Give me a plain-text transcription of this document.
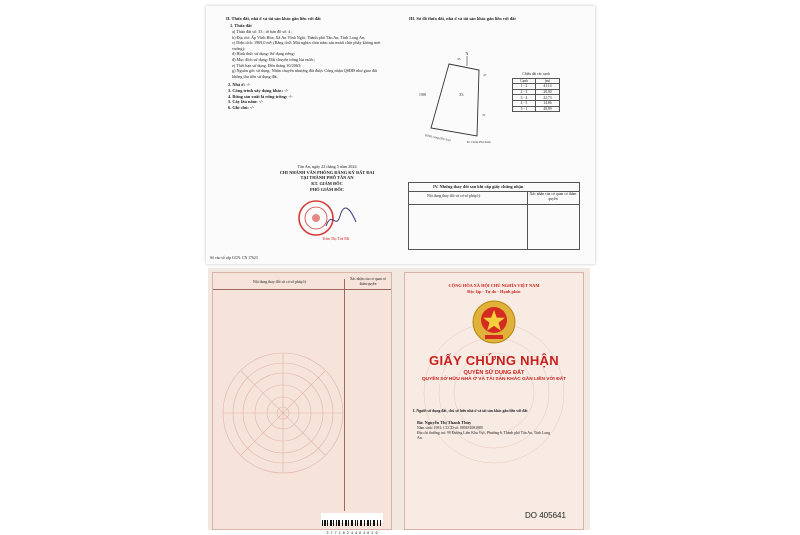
II. Thửa đất, nhà ở và tài sản khác gắn liền với đất
1. Thửa đất
a) Thửa đất số: 33 ; tờ bản đồ số: 4 ;
b) Địa chỉ: Ấp Vĩnh Hòa, Xã An Vĩnh Ngãi, Thành phố Tân An, Tỉnh Long An;
c) Diện tích: 1969,0 m²; (Bằng chữ: Một nghìn chín trăm sáu mươi chín phẩy không mét
vuông);
d) Hình thức sử dụng: Sử dụng riêng;
đ) Mục đích sử dụng: Đất chuyên trồng lúa nước;
e) Thời hạn sử dụng: Đến tháng 10/2063;
g) Nguồn gốc sử dụng: Nhận chuyển nhượng đất được Công nhận QSDĐ như giao đất
không thu tiền sử dụng đất.
2. Nhà ở: -/-
3. Công trình xây dựng khác: -/-
4. Rừng sản xuất là rừng trồng: -/-
5. Cây lâu năm: -/-
6. Ghi chú: -/-
III. Sơ đồ thửa đất, nhà ở và tài sản khác gắn liền với đất
N
33
1969
45
47
32
Kênh cung (lớn 3m)	Đ. Châu Phi Kim
Chiều dài các cạnh
Cạnh	(m)
1 - 2	41,14
2 - 3	20,00
3 - 4	22,73
4 - 5	14,86
5 - 1	49,99
Tân An, ngày 22 tháng 5 năm 2024
CHI NHÁNH VĂN PHÒNG ĐĂNG KÝ ĐẤT ĐAI
TẠI THÀNH PHỐ TÂN AN
KT. GIÁM ĐỐC
PHÓ GIÁM ĐỐC
Trần Thị Trà Mi
IV. Những thay đổi sau khi cấp giấy chứng nhận
Nội dung thay đổi và cơ sở pháp lý	Xác nhận của cơ quan có thẩm quyền
Số vào sổ cấp GCN: CN 17623
Nội dung thay đổi và cơ sở pháp lý
Xác nhận của cơ quan có thẩm quyền
3 7 7 1 0 2 4 4 6 4 6 2 0
CỘNG HÒA XÃ HỘI CHỦ NGHĨA VIỆT NAM
Độc lập - Tự do - Hạnh phúc
GIẤY CHỨNG NHẬN
QUYỀN SỬ DỤNG ĐẤT
QUYỀN SỞ HỮU NHÀ Ở VÀ TÀI SẢN KHÁC GẮN LIỀN VỚI ĐẤT
I. Người sử dụng đất, chủ sở hữu nhà ở và tài sản khác gắn liền với đất
Bà: Nguyễn Thị Thanh Thúy
Năm sinh: 1981; CCCD số: 080181001889
Địa chỉ thường trú: 99 Đường Liên Khu Vực, Phường 6, Thành phố Tân An, Tỉnh Long
An.
DO 405641
